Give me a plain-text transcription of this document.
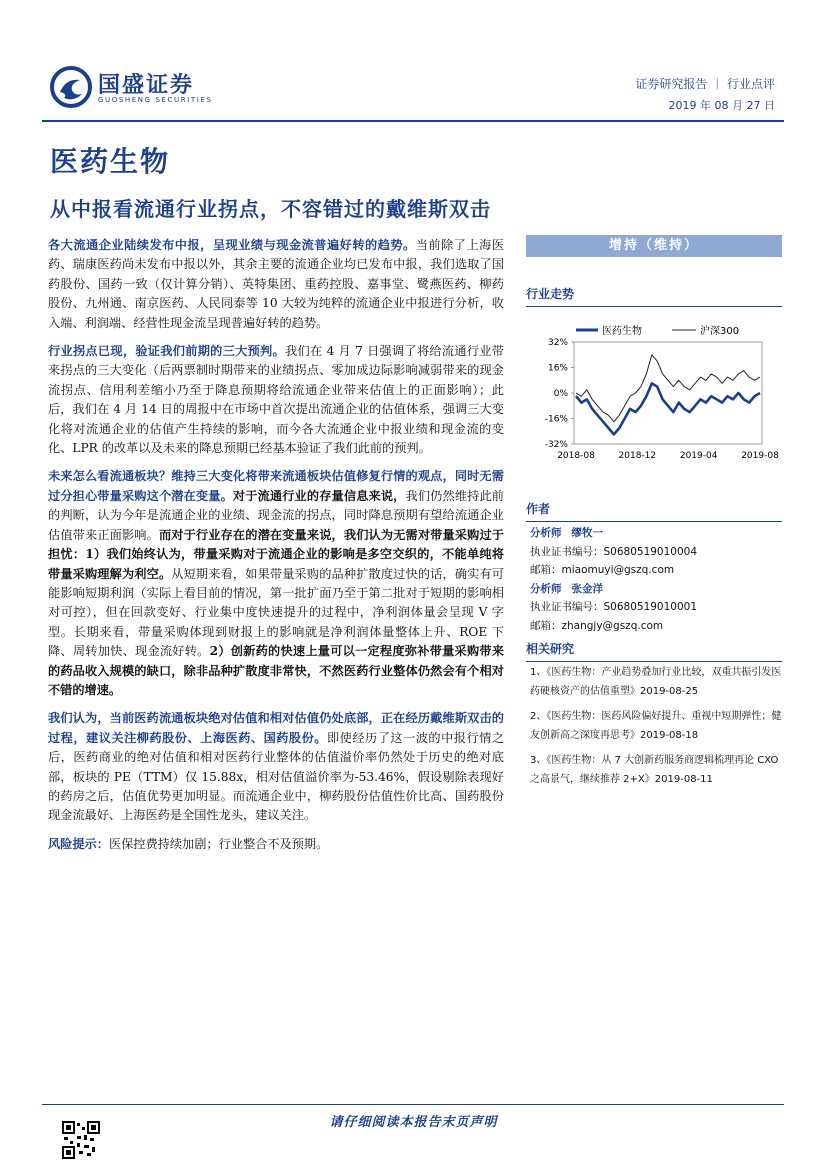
国盛证券
GUOSHENG SECURITIES
证券研究报告 ｜ 行业点评
2019 年 08 月 27 日
医药生物
从中报看流通行业拐点，不容错过的戴维斯双击

各大流通企业陆续发布中报，呈现业绩与现金流普遍好转的趋势。当前除了上海医药、瑞康医药尚未发布中报以外，其余主要的流通企业均已发布中报，我们选取了国药股份、国药一致（仅计算分销）、英特集团、重药控股、嘉事堂、鹭燕医药、柳药股份、九州通、南京医药、人民同泰等 10 大较为纯粹的流通企业中报进行分析，收入端、利润端、经营性现金流呈现普遍好转的趋势。

行业拐点已现，验证我们前期的三大预判。我们在 4 月 7 日强调了将给流通行业带来拐点的三大变化（后两票制时期带来的业绩拐点、零加成边际影响减弱带来的现金流拐点、信用利差缩小乃至于降息预期将给流通企业带来估值上的正面影响）；此后，我们在 4 月 14 日的周报中在市场中首次提出流通企业的估值体系，强调三大变化将对流通企业的估值产生持续的影响，而今各大流通企业中报业绩和现金流的变化、LPR 的改革以及未来的降息预期已经基本验证了我们此前的预判。

未来怎么看流通板块？维持三大变化将带来流通板块估值修复行情的观点，同时无需过分担心带量采购这个潜在变量。对于流通行业的存量信息来说，我们仍然维持此前的判断，认为今年是流通企业的业绩、现金流的拐点，同时降息预期有望给流通企业估值带来正面影响。而对于行业存在的潜在变量来说，我们认为无需对带量采购过于担忧：1）我们始终认为，带量采购对于流通企业的影响是多空交织的，不能单纯将带量采购理解为利空。从短期来看，如果带量采购的品种扩散度过快的话，确实有可能影响短期利润（实际上看目前的情况，第一批扩面乃至于第二批对于短期的影响相对可控），但在回款变好、行业集中度快速提升的过程中，净利润体量会呈现 V 字型。长期来看，带量采购体现到财报上的影响就是净利润体量整体上升、ROE 下降、周转加快、现金流好转。2）创新药的快速上量可以一定程度弥补带量采购带来的药品收入规模的缺口，除非品种扩散度非常快，不然医药行业整体仍然会有个相对不错的增速。

我们认为，当前医药流通板块绝对估值和相对估值仍处底部，正在经历戴维斯双击的过程，建议关注柳药股份、上海医药、国药股份。即使经历了这一波的中报行情之后，医药商业的绝对估值和相对医药行业整体的估值溢价率仍然处于历史的绝对底部，板块的 PE（TTM）仅 15.88x，相对估值溢价率为-53.46%，假设剔除表现好的药房之后，估值优势更加明显。而流通企业中，柳药股份估值性价比高、国药股份现金流最好、上海医药是全国性龙头，建议关注。

风险提示：医保控费持续加剧；行业整合不及预期。

增持（维持）
行业走势
医药生物	沪深300
32%
16%
0%
-16%
-32%
2018-08	2018-12	2019-04	2019-08
作者
分析师 缪牧一
执业证书编号：S0680519010004
邮箱：miaomuyi@gszq.com
分析师 张金洋
执业证书编号：S0680519010001
邮箱：zhangjy@gszq.com
相关研究
1、《医药生物：产业趋势叠加行业比较，双重共振引发医药硬核资产的估值重塑》2019-08-25
2、《医药生物：医药风险偏好提升、重视中短期弹性；健友创新高之深度再思考》2019-08-18
3、《医药生物：从 7 大创新药服务商逻辑梳理再论 CXO 之高景气，继续推荐 2+X》2019-08-11
请仔细阅读本报告末页声明
